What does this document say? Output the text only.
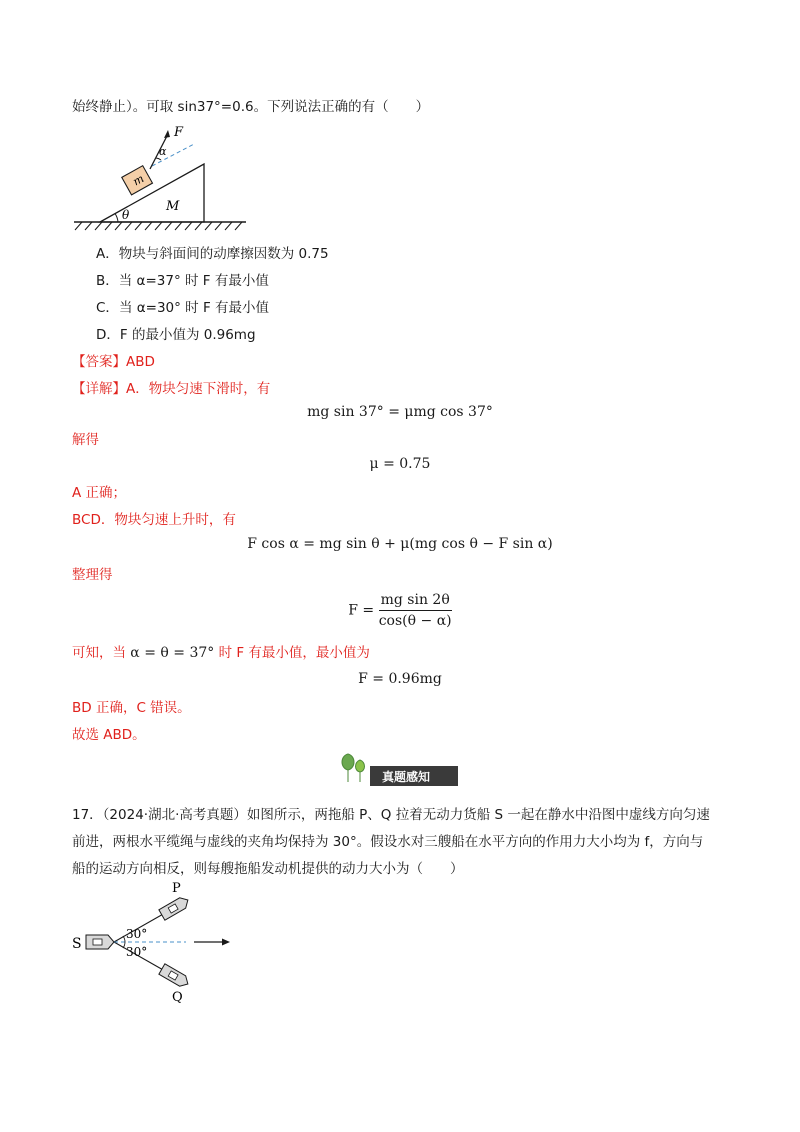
始终静止）。可取 sin37°=0.6。下列说法正确的有（　　）
θ
M
m
F
α
A．物块与斜面间的动摩擦因数为 0.75
B．当 α=37° 时 F 有最小值
C．当 α=30° 时 F 有最小值
D．F 的最小值为 0.96mg
【答案】ABD
【详解】A．物块匀速下滑时，有
mg sin 37° = μmg cos 37°
解得
μ = 0.75
A 正确；
BCD．物块匀速上升时，有
F cos α = mg sin θ + μ(mg cos θ − F sin α)
整理得
$F = \frac{\text{mg sin 2θ}}{\cos(\theta - \alpha)}$
可知，当 α = θ = 37° 时 F 有最小值，最小值为
F = 0.96mg
BD 正确，C 错误。
故选 ABD。
真题感知
17．（2024·湖北·高考真题）如图所示，两拖船 P、Q 拉着无动力货船 S 一起在静水中沿图中虚线方向匀速
前进，两根水平缆绳与虚线的夹角均保持为 30°。假设水对三艘船在水平方向的作用力大小均为 f，方向与
船的运动方向相反，则每艘拖船发动机提供的动力大小为（　　）
P
Q
S
30°
30°
